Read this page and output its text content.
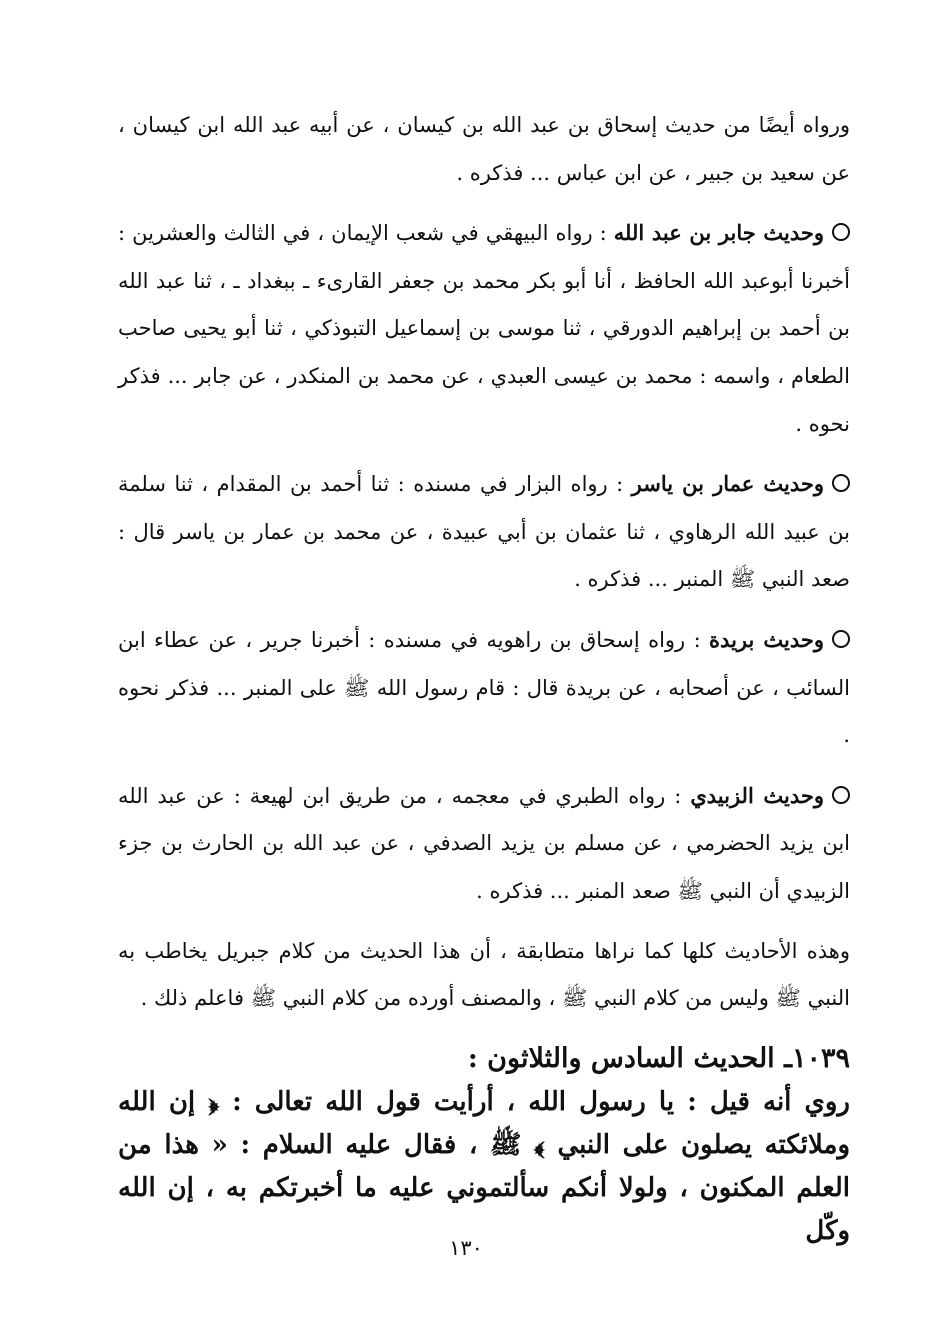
ورواه أيضًا من حديث إسحاق بن عبد الله بن كيسان ، عن أبيه عبد الله ابن كيسان ، عن سعيد بن جبير ، عن ابن عباس ... فذكره .

وحديث جابر بن عبد الله : رواه البيهقي في شعب الإيمان ، في الثالث والعشرين : أخبرنا أبوعبد الله الحافظ ، أنا أبو بكر محمد بن جعفر القارىء ـ ببغداد ـ ، ثنا عبد الله بن أحمد بن إبراهيم الدورقي ، ثنا موسى بن إسماعيل التبوذكي ، ثنا أبو يحيى صاحب الطعام ، واسمه : محمد بن عيسى العبدي ، عن محمد بن المنكدر ، عن جابر ... فذكر نحوه .

وحديث عمار بن ياسر : رواه البزار في مسنده : ثنا أحمد بن المقدام ، ثنا سلمة بن عبيد الله الرهاوي ، ثنا عثمان بن أبي عبيدة ، عن محمد بن عمار بن ياسر قال : صعد النبي ﷺ المنبر ... فذكره .

وحديث بريدة : رواه إسحاق بن راهويه في مسنده : أخبرنا جرير ، عن عطاء ابن السائب ، عن أصحابه ، عن بريدة قال : قام رسول الله ﷺ على المنبر ... فذكر نحوه .

وحديث الزبيدي : رواه الطبري في معجمه ، من طريق ابن لهيعة : عن عبد الله ابن يزيد الحضرمي ، عن مسلم بن يزيد الصدفي ، عن عبد الله بن الحارث بن جزء الزبيدي أن النبي ﷺ صعد المنبر ... فذكره .

وهذه الأحاديث كلها كما نراها متطابقة ، أن هذا الحديث من كلام جبريل يخاطب به النبي ﷺ وليس من كلام النبي ﷺ ، والمصنف أورده من كلام النبي ﷺ فاعلم ذلك .

١٠٣٩ـ الحديث السادس والثلاثون :

روي أنه قيل : يا رسول الله ، أرأيت قول الله تعالى : ﴿ إن الله وملائكته يصلون على النبي ﴾ ﷺ ، فقال عليه السلام : « هذا من العلم المكنون ، ولولا أنكم سألتموني عليه ما أخبرتكم به ، إن الله وكّل

١٣٠
